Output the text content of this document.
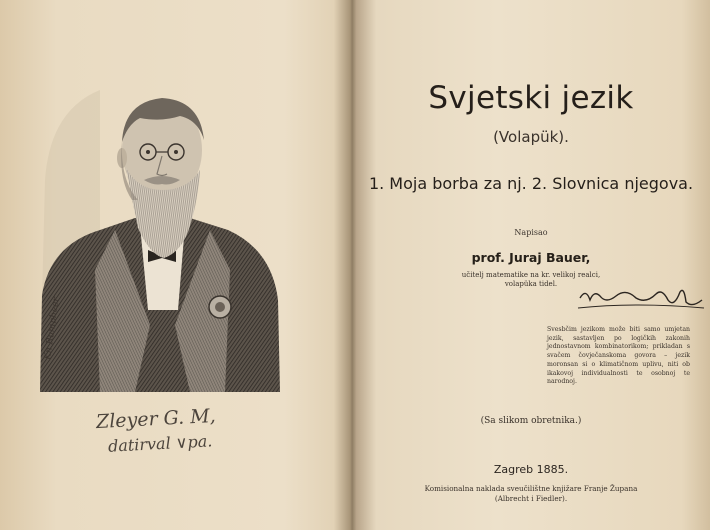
Kn Rumpheer
Zleyer G. M,
datirval ∨pa.
Svjetski jezik
(Volapük).
1. Moja borba za nj. 2. Slovnica njegova.
Napisao
prof. Juraj Bauer,
učitelj matematike na kr. velikoj realci,
volapüka tidel.
Vrbančić
Svesbčim jezikom može biti samo umjetan jezik, sastavljen po logičkih zakonih jednostavnom kombinatorikom; prikladan s svačem čovječanskoma govora – jezik moronsan si o klimatičnom uplivu, niti ob ikakovoj individualnosti te osobnoj te narodnoj.
(Sa slikom obretnika.)
Zagreb 1885.
Komisionalna naklada sveučilištne knjižare Franje Župana
(Albrecht i Fiedler).
